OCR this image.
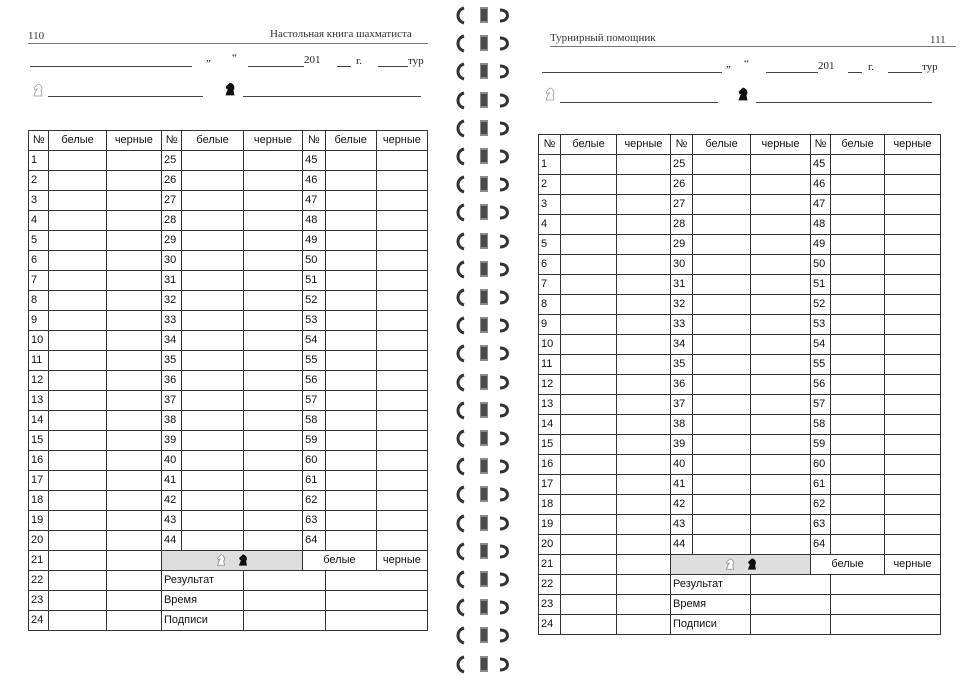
110	Настольная книга шахматиста
„ “	201	г.	тур
№	белые	черные	№	белые	черные	№	белые	черные
1			25			45		
2			26			46		
3			27			47		
4			28			48		
5			29			49		
6			30			50		
7			31			51		
8			32			52		
9			33			53		
10			34			54		
11			35			55		
12			36			56		
13			37			57		
14			38			58		
15			39			59		
16			40			60		
17			41			61		
18			42			62		
19			43			63		
20			44			64		
21						белые		черные
22			Результат					
23			Время					
24			Подписи					
Турнирный помощник	111
„ “	201	г.	тур
№	белые	черные	№	белые	черные	№	белые	черные
1			25			45		
2			26			46		
3			27			47		
4			28			48		
5			29			49		
6			30			50		
7			31			51		
8			32			52		
9			33			53		
10			34			54		
11			35			55		
12			36			56		
13			37			57		
14			38			58		
15			39			59		
16			40			60		
17			41			61		
18			42			62		
19			43			63		
20			44			64		
21						белые		черные
22			Результат					
23			Время					
24			Подписи					
